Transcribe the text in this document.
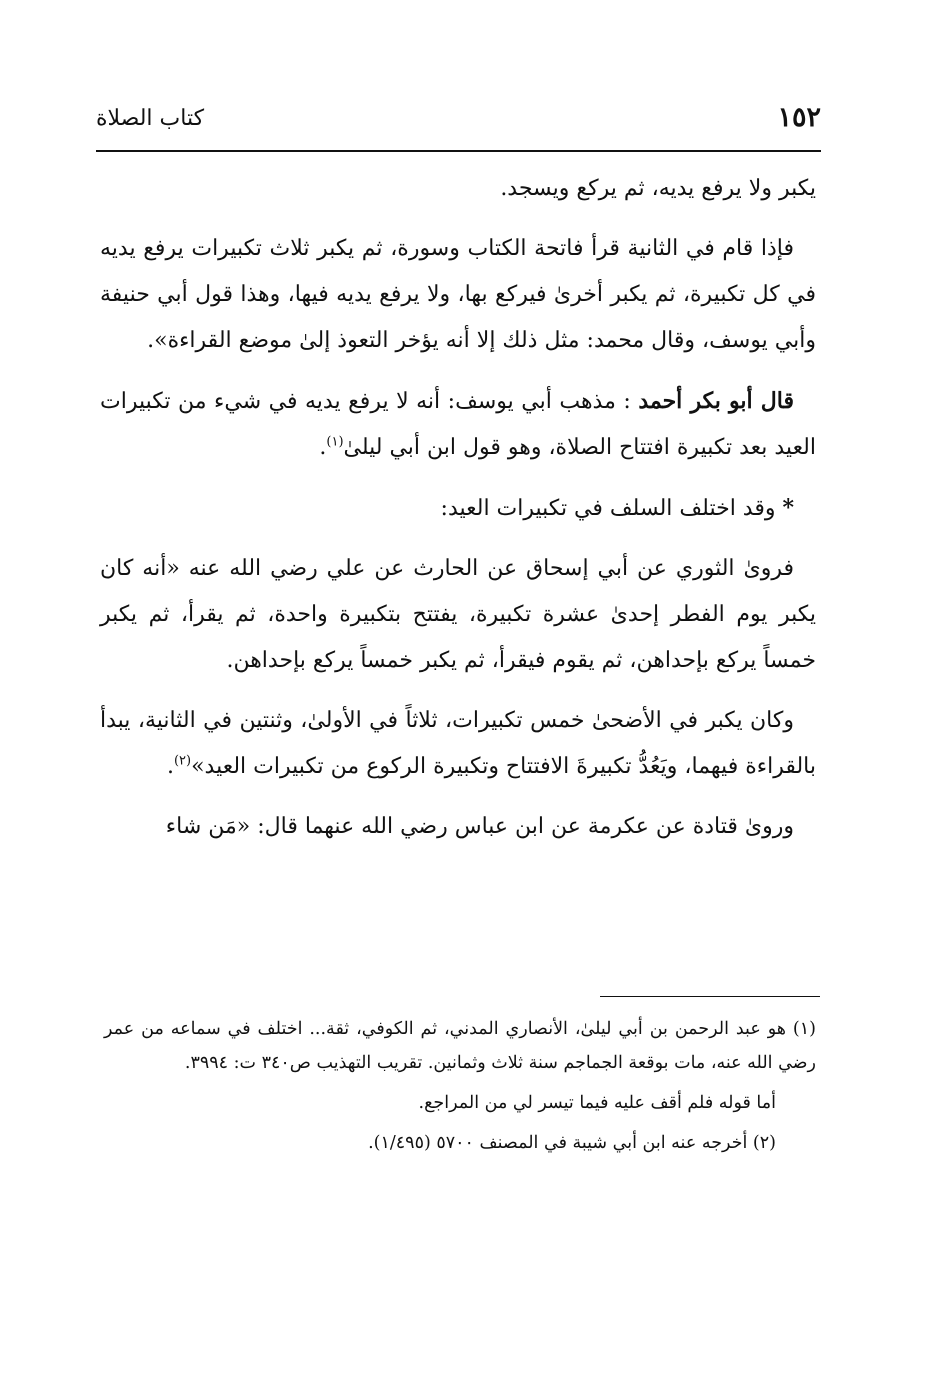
١٥٢
كتاب الصلاة

يكبر ولا يرفع يديه، ثم يركع ويسجد.

فإذا قام في الثانية قرأ فاتحة الكتاب وسورة، ثم يكبر ثلاث تكبيرات يرفع يديه في كل تكبيرة، ثم يكبر أخرىٰ فيركع بها، ولا يرفع يديه فيها، وهذا قول أبي حنيفة وأبي يوسف، وقال محمد: مثل ذلك إلا أنه يؤخر التعوذ إلىٰ موضع القراءة».

قال أبو بكر أحمد : مذهب أبي يوسف: أنه لا يرفع يديه في شيء من تكبيرات العيد بعد تكبيرة افتتاح الصلاة، وهو قول ابن أبي ليلىٰ$^{(١)}$.

* وقد اختلف السلف في تكبيرات العيد:

فروىٰ الثوري عن أبي إسحاق عن الحارث عن علي رضي الله عنه «أنه كان يكبر يوم الفطر إحدىٰ عشرة تكبيرة، يفتتح بتكبيرة واحدة، ثم يقرأ، ثم يكبر خمساً يركع بإحداهن، ثم يقوم فيقرأ، ثم يكبر خمساً يركع بإحداهن.

وكان يكبر في الأضحىٰ خمس تكبيرات، ثلاثاً في الأولىٰ، وثنتين في الثانية، يبدأ بالقراءة فيهما، ويَعُدُّ تكبيرةَ الافتتاح وتكبيرة الركوع من تكبيرات العيد»$^{(٢)}$.

وروىٰ قتادة عن عكرمة عن ابن عباس رضي الله عنهما قال: «مَن شاء

(١) هو عبد الرحمن بن أبي ليلىٰ، الأنصاري المدني، ثم الكوفي، ثقة... اختلف في سماعه من عمر رضي الله عنه، مات بوقعة الجماجم سنة ثلاث وثمانين. تقريب التهذيب ص٣٤٠ ت: ٣٩٩٤.

أما قوله فلم أقف عليه فيما تيسر لي من المراجع.

(٢) أخرجه عنه ابن أبي شيبة في المصنف ٥٧٠٠ (١/٤٩٥).
